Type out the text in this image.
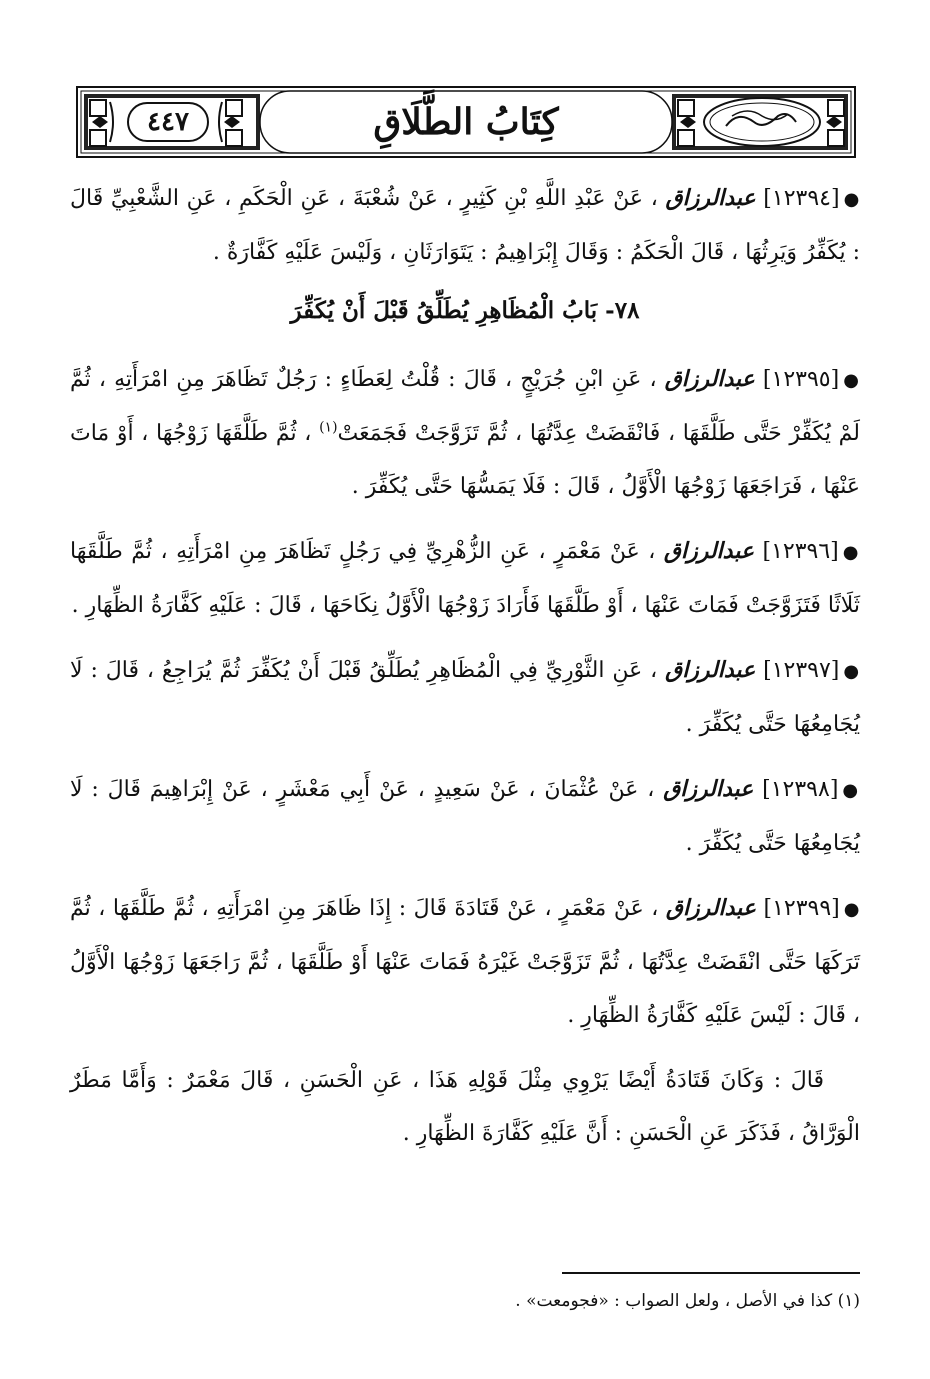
٤٤٧	كِتَابُ الطَّلَاقِ

●[١٢٣٩٤] عبدالرزاق ، عَنْ عَبْدِ اللَّهِ بْنِ كَثِيرٍ ، عَنْ شُعْبَةَ ، عَنِ الْحَكَمِ ، عَنِ الشَّعْبِيِّ قَالَ : يُكَفِّرُ وَيَرِثُهَا ، قَالَ الْحَكَمُ : وَقَالَ إِبْرَاهِيمُ : يَتَوَارَثَانِ ، وَلَيْسَ عَلَيْهِ كَفَّارَةٌ .

٧٨- بَابُ الْمُظَاهِرِ يُطَلِّقُ قَبْلَ أَنْ يُكَفِّرَ

●[١٢٣٩٥] عبدالرزاق ، عَنِ ابْنِ جُرَيْجٍ ، قَالَ : قُلْتُ لِعَطَاءٍ : رَجُلٌ تَظَاهَرَ مِنِ امْرَأَتِهِ ، ثُمَّ لَمْ يُكَفِّرْ حَتَّى طَلَّقَهَا ، فَانْقَضَتْ عِدَّتُهَا ، ثُمَّ تَزَوَّجَتْ فَجَمَعَتْ$^{(١)}$ ، ثُمَّ طَلَّقَهَا زَوْجُهَا ، أَوْ مَاتَ عَنْهَا ، فَرَاجَعَهَا زَوْجُهَا الْأَوَّلُ ، قَالَ : فَلَا يَمَسُّهَا حَتَّى يُكَفِّرَ .

●[١٢٣٩٦] عبدالرزاق ، عَنْ مَعْمَرٍ ، عَنِ الزُّهْرِيِّ فِي رَجُلٍ تَظَاهَرَ مِنِ امْرَأَتِهِ ، ثُمَّ طَلَّقَهَا ثَلَاثًا فَتَزَوَّجَتْ فَمَاتَ عَنْهَا ، أَوْ طَلَّقَهَا فَأَرَادَ زَوْجُهَا الْأَوَّلُ نِكَاحَهَا ، قَالَ : عَلَيْهِ كَفَّارَةُ الظِّهَارِ .

●[١٢٣٩٧] عبدالرزاق ، عَنِ الثَّوْرِيِّ فِي الْمُظَاهِرِ يُطَلِّقُ قَبْلَ أَنْ يُكَفِّرَ ثُمَّ يُرَاجِعُ ، قَالَ : لَا يُجَامِعُهَا حَتَّى يُكَفِّرَ .

●[١٢٣٩٨] عبدالرزاق ، عَنْ عُثْمَانَ ، عَنْ سَعِيدٍ ، عَنْ أَبِي مَعْشَرٍ ، عَنْ إِبْرَاهِيمَ قَالَ : لَا يُجَامِعُهَا حَتَّى يُكَفِّرَ .

●[١٢٣٩٩] عبدالرزاق ، عَنْ مَعْمَرٍ ، عَنْ قَتَادَةَ قَالَ : إِذَا ظَاهَرَ مِنِ امْرَأَتِهِ ، ثُمَّ طَلَّقَهَا ، ثُمَّ تَرَكَهَا حَتَّى انْقَضَتْ عِدَّتُهَا ، ثُمَّ تَزَوَّجَتْ غَيْرَهُ فَمَاتَ عَنْهَا أَوْ طَلَّقَهَا ، ثُمَّ رَاجَعَهَا زَوْجُهَا الْأَوَّلُ ، قَالَ : لَيْسَ عَلَيْهِ كَفَّارَةُ الظِّهَارِ .

قَالَ : وَكَانَ قَتَادَةُ أَيْضًا يَرْوِي مِثْلَ قَوْلِهِ هَذَا ، عَنِ الْحَسَنِ ، قَالَ مَعْمَرٌ : وَأَمَّا مَطَرٌ الْوَرَّاقُ ، فَذَكَرَ عَنِ الْحَسَنِ : أَنَّ عَلَيْهِ كَفَّارَةَ الظِّهَارِ .

(١) كذا في الأصل ، ولعل الصواب : «فجومعت» .
